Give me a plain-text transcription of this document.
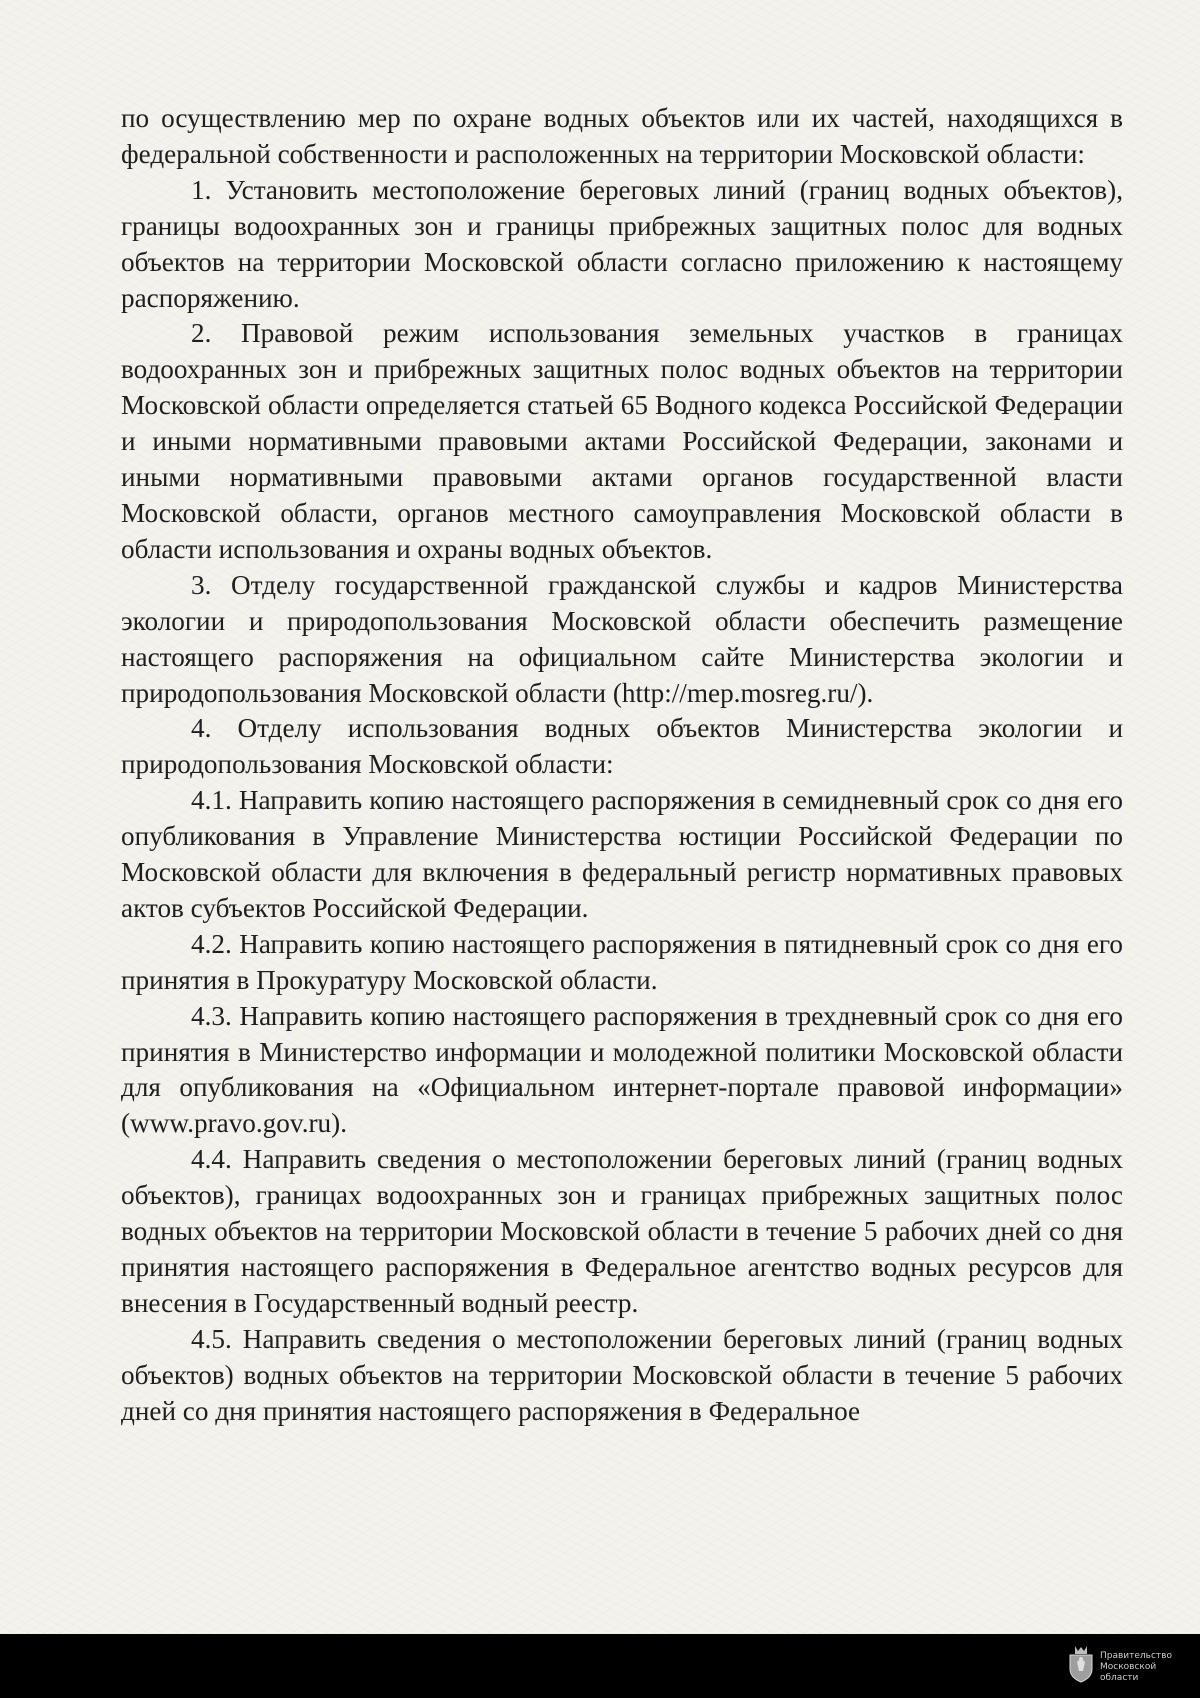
по осуществлению мер по охране водных объектов или их частей, находящихся в федеральной собственности и расположенных на территории Московской области:

1. Установить местоположение береговых линий (границ водных объектов), границы водоохранных зон и границы прибрежных защитных полос для водных объектов на территории Московской области согласно приложению к настоящему распоряжению.

2. Правовой режим использования земельных участков в границах водоохранных зон и прибрежных защитных полос водных объектов на территории Московской области определяется статьей 65 Водного кодекса Российской Федерации и иными нормативными правовыми актами Российской Федерации, законами и иными нормативными правовыми актами органов государственной власти Московской области, органов местного самоуправления Московской области в области использования и охраны водных объектов.

3. Отделу государственной гражданской службы и кадров Министерства экологии и природопользования Московской области обеспечить размещение настоящего распоряжения на официальном сайте Министерства экологии и природопользования Московской области (http://mep.mosreg.ru/).

4. Отделу использования водных объектов Министерства экологии и природопользования Московской области:

4.1. Направить копию настоящего распоряжения в семидневный срок со дня его опубликования в Управление Министерства юстиции Российской Федерации по Московской области для включения в федеральный регистр нормативных правовых актов субъектов Российской Федерации.

4.2. Направить копию настоящего распоряжения в пятидневный срок со дня его принятия в Прокуратуру Московской области.

4.3. Направить копию настоящего распоряжения в трехдневный срок со дня его принятия в Министерство информации и молодежной политики Московской области для опубликования на «Официальном интернет-портале правовой информации» (www.pravo.gov.ru).

4.4. Направить сведения о местоположении береговых линий (границ водных объектов), границах водоохранных зон и границах прибрежных защитных полос водных объектов на территории Московской области в течение 5 рабочих дней со дня принятия настоящего распоряжения в Федеральное агентство водных ресурсов для внесения в Государственный водный реестр.

4.5. Направить сведения о местоположении береговых линий (границ водных объектов) водных объектов на территории Московской области в течение 5 рабочих дней со дня принятия настоящего распоряжения в Федеральное

Правительство
Московской области
